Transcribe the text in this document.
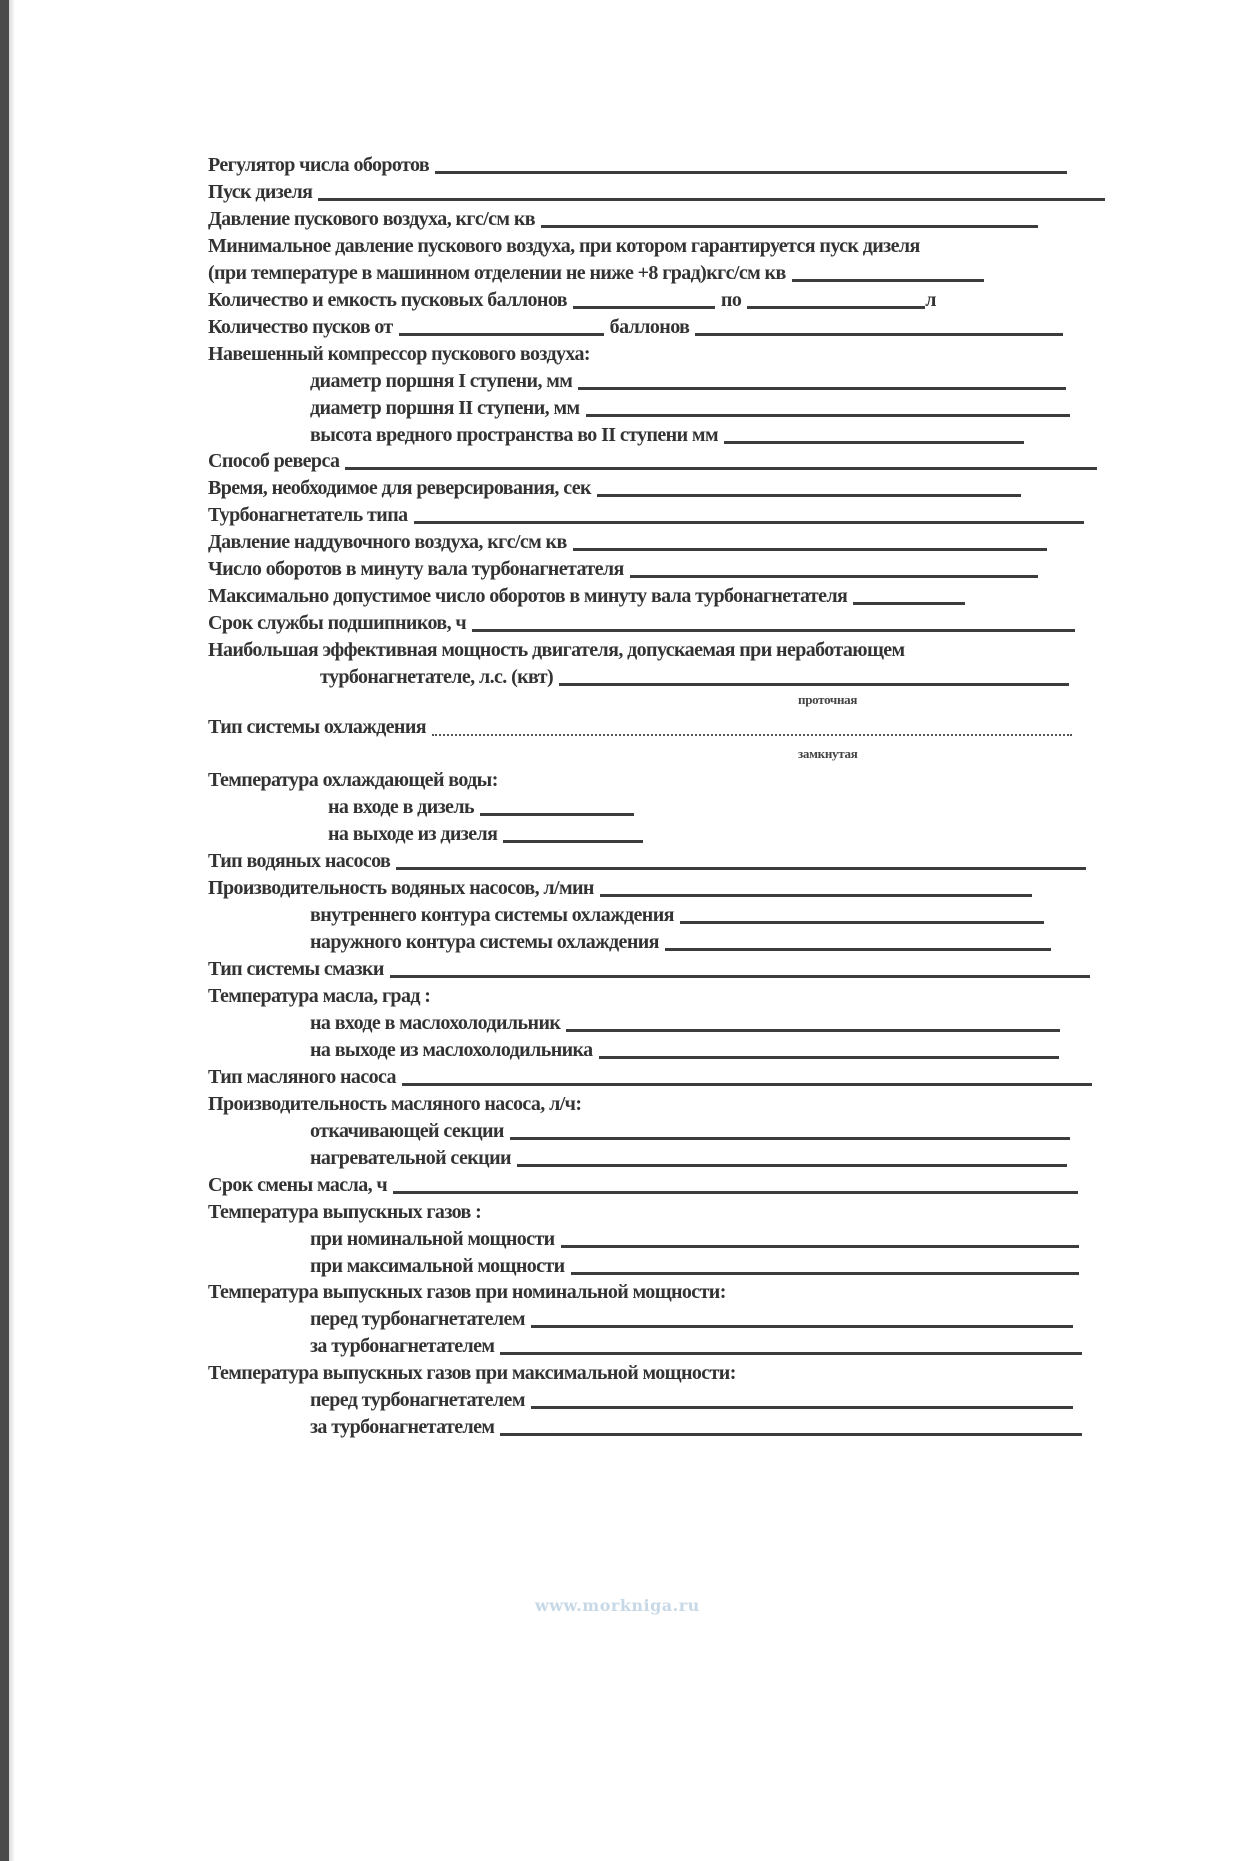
Регулятор числа оборотов
Пуск дизеля
Давление пускового воздуха, кгс/см кв
Минимальное давление пускового воздуха, при котором гарантируется пуск дизеля
(при температуре в машинном отделении не ниже +8 град)кгс/см кв
Количество и емкость пусковых баллонов	по	л
Количество пусков от	баллонов
Навешенный компрессор пускового воздуха:
диаметр поршня I ступени, мм
диаметр поршня II ступени, мм
высота вредного пространства во II ступени мм
Способ реверса
Время, необходимое для реверсирования, сек
Турбонагнетатель типа
Давление наддувочного воздуха, кгс/см кв
Число оборотов в минуту вала турбонагнетателя
Максимально допустимое число оборотов в минуту вала турбонагнетателя
Срок службы подшипников, ч
Наибольшая эффективная мощность двигателя, допускаемая при неработающем
турбонагнетателе, л.с. (квт)
проточная
Тип системы охлаждения
замкнутая
Температура охлаждающей воды:
на входе в дизель
на выходе из дизеля
Тип водяных насосов
Производительность водяных насосов, л/мин
внутреннего контура системы охлаждения
наружного контура системы охлаждения
Тип системы смазки
Температура масла, град :
на входе в маслохолодильник
на выходе из маслохолодильника
Тип масляного насоса
Производительность масляного насоса, л/ч:
откачивающей секции
нагревательной секции
Срок смены масла, ч
Температура выпускных газов :
при номинальной мощности
при максимальной мощности
Температура выпускных газов при номинальной мощности:
перед турбонагнетателем
за турбонагнетателем
Температура выпускных газов при максимальной мощности:
перед турбонагнетателем
за турбонагнетателем
www.morkniga.ru
